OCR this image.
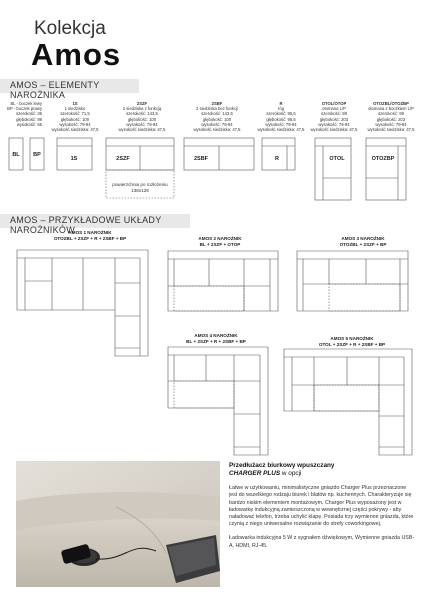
Kolekcja
Amos
AMOS – ELEMENTY NAROŻNIKA
BL - boczek lewy
BP - boczek prawy
szerokość: 35
głębokość: 89
wysokość: 65
1S
1 siedzisko
szerokość: 71,5
głębokość: 100
wysokość: 79-94
wysokość siedziska: 47,5
2SZF
2 siedziska z funkcją
szerokość: 143,5
głębokość: 100
wysokość: 79-94
wysokość siedziska: 47,5
2SBF
2 siedziska bez funkcji
szerokość: 143,5
głębokość: 100
wysokość: 79-94
wysokość siedziska: 47,5
R
róg
szerokość: 95,5
głębokość: 95,5
wysokość: 79-94
wysokość siedziska: 47,5
OTOL/OTOP
otomana L/P
szerokość: 99
głębokość: 203
wysokość: 79-94
wysokość siedziska: 47,5
OTOZBL/OTOZBP
otomana z boczkiem L/P
szerokość: 99
głębokość: 203
wysokość: 79-94
wysokość siedziska: 47,5
BL BP
1S	2SZF	2SBF	R	OTOL	OTOZBP
powierzchnia po rozłożeniu
138x126
AMOS – PRZYKŁADOWE UKŁADY NAROŻNIKÓW
AMOS 1 NAROŻNIK
OTOZBL + 2SZF + R + 2SBF + BP	AMOS 2 NAROŻNIK
BL + 2SZF + OTOP
AMOS 3 NAROŻNIK
OTOZBL + 2SZF + BP
AMOS 4 NAROŻNIK
BL + 2SZF + R + 2SBF + BP
AMOS 5 NAROŻNIK
OTOL + 2SZF + R + 2SBF + BP
Przedłużacz biurkowy wpuszczany
CHARGER PLUS w opcji

Łatwe w użytkowaniu, minimalistyczne gniazdo Charger Plus przeznaczone jest do wszelkiego rodzaju biurek i blatów np. kuchennych. Charakteryzuje się bardzo niskim elementem montażowym. Charger Plus wyposażony jest w ładowarkę indukcyjną zamieszczoną w wewnętrznej części pokrywy - aby naładować telefon, trzeba uchylić klapę. Posiada trzy wymienne gniazda, które czynią z niego uniwersalne rozwiązanie do strefy coworkingowej.

Ładowarka indukcyjna 5 W z sygnałem dźwiękowym, Wymienne gniazda USB-A, HDMI, RJ-45.
